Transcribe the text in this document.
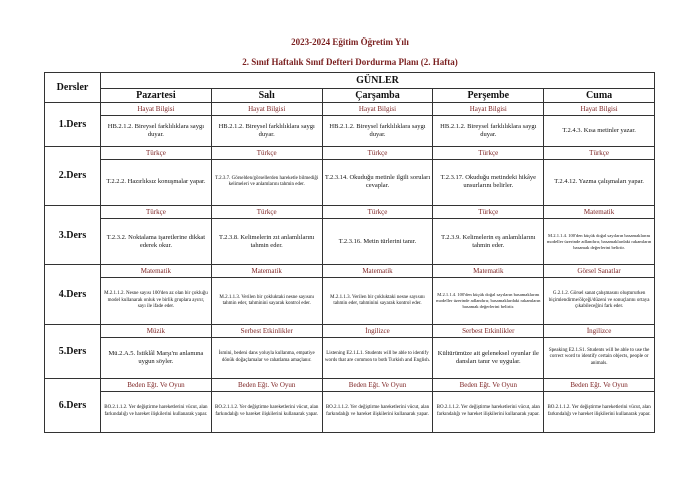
2023-2024 Eğitim Öğretim Yılı
2. Sınıf Haftalık Sınıf Defteri Dordurma Planı (2. Hafta)
Dersler	GÜNLER				
	Pazartesi	Salı	Çarşamba	Perşembe	Cuma
1.Ders	Hayat Bilgisi	Hayat Bilgisi	Hayat Bilgisi	Hayat Bilgisi	Hayat Bilgisi
	HB.2.1.2. Bireysel farklılıklara saygı duyar.	HB.2.1.2. Bireysel farklılıklara saygı duyar.	HB.2.1.2. Bireysel farklılıklara saygı duyar.	HB.2.1.2. Bireysel farklılıklara saygı duyar.	T.2.4.3. Kısa metinler yazar.
2.Ders	Türkçe	Türkçe	Türkçe	Türkçe	Türkçe
	T.2.2.2. Hazırlıksız konuşmalar yapar.	T.2.3.7. Görselden/görsellerden hareketle bilmediği kelimeleri ve anlamlarını tahmin eder.	T.2.3.14. Okuduğu metinle ilgili soruları cevaplar.	T.2.3.17. Okuduğu metindeki hikâye unsurlarını belirler.	T.2.4.12. Yazma çalışmaları yapar.
3.Ders	Türkçe	Türkçe	Türkçe	Türkçe	Matematik
	T.2.3.2. Noktalama işaretlerine dikkat ederek okur.	T.2.3.8. Kelimelerin zıt anlamlılarını tahmin eder.	T.2.3.16. Metin türlerini tanır.	T.2.3.9. Kelimelerin eş anlamlılarını tahmin eder.	M.2.1.1.4. 100'den küçük doğal sayıların basamaklarını modeller üzerinde adlandırır, basamaklardaki rakamların basamak değerlerini belirtir.
4.Ders	Matematik	Matematik	Matematik	Matematik	Görsel Sanatlar
	M.2.1.1.2. Nesne sayısı 100'den az olan bir çokluğu model kullanarak onluk ve birlik gruplara ayırır, sayı ile ifade eder.	M.2.1.1.3. Verilen bir çokluktaki nesne sayısını tahmin eder, tahminini sayarak kontrol eder.	M.2.1.1.3. Verilen bir çokluktaki nesne sayısını tahmin eder, tahminini sayarak kontrol eder.	M.2.1.1.4. 100'den küçük doğal sayıların basamaklarını modeller üzerinde adlandırır, basamaklardaki rakamların basamak değerlerini belirtir.	G.2.1.2. Görsel sanat çalışmasını oluştururken biçimlendirme/ölçeği/düzeni ve sonuçlarını ortaya çıkabileceğini fark eder.
5.Ders	Müzik	Serbest Etkinlikler	İngilizce	Serbest Etkinlikler	İngilizce
	Mü.2.A.5. İstiklâl Marşı'nı anlamına uygun söyler.	İsmini, bedeni dans yoluyla kullanma, empatiye dönük doğaçlamalar ve rahatlama amaçlanır.	Listening E2.1.L1. Students will be able to identify words that are common to both Turkish and English.	Kültürümüze ait geleneksel oyunlar ile dansları tanır ve uygular.	Speaking E2.1.S1. Students will be able to use the correct word to identify certain objects, people or animals.
6.Ders	Beden Eğt. Ve Oyun	Beden Eğt. Ve Oyun	Beden Eğt. Ve Oyun	Beden Eğt. Ve Oyun	Beden Eğt. Ve Oyun
	BO.2.1.1.2. Yer değiştirme hareketlerini vücut, alan farkındalığı ve hareket ilişkilerini kullanarak yapar.	BO.2.1.1.2. Yer değiştirme hareketlerini vücut, alan farkındalığı ve hareket ilişkilerini kullanarak yapar.	BO.2.1.1.2. Yer değiştirme hareketlerini vücut, alan farkındalığı ve hareket ilişkilerini kullanarak yapar.	BO.2.1.1.2. Yer değiştirme hareketlerini vücut, alan farkındalığı ve hareket ilişkilerini kullanarak yapar.	BO.2.1.1.2. Yer değiştirme hareketlerini vücut, alan farkındalığı ve hareket ilişkilerini kullanarak yapar.
